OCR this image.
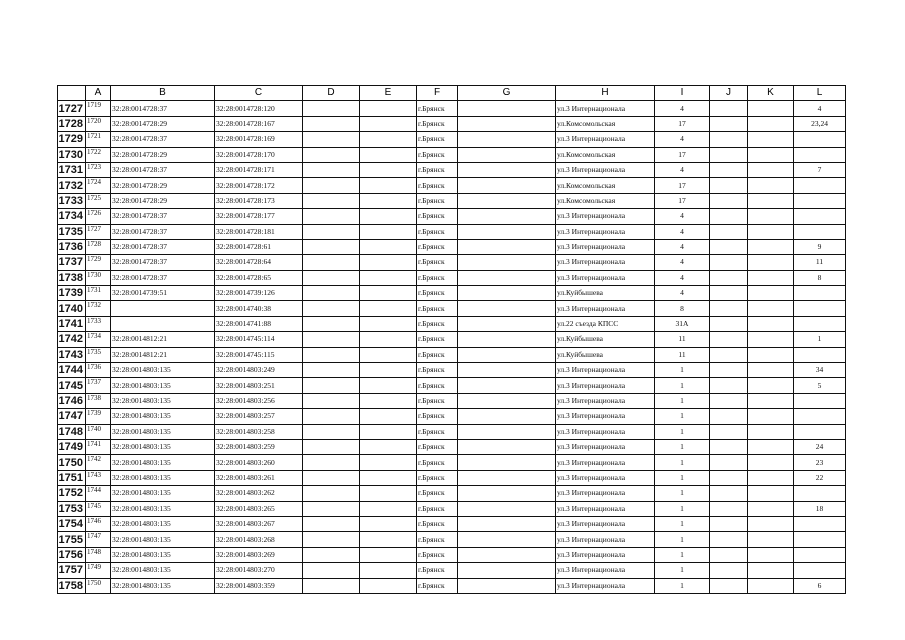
	A	B	C	D	E	F	G	H	I	J	K	L
1727	1719	32:28:0014728:37	32:28:0014728:120			г.Брянск		ул.3 Интернационала	4			4
1728	1720	32:28:0014728:29	32:28:0014728:167			г.Брянск		ул.Комсомольская	17			23,24
1729	1721	32:28:0014728:37	32:28:0014728:169			г.Брянск		ул.3 Интернационала	4			
1730	1722	32:28:0014728:29	32:28:0014728:170			г.Брянск		ул.Комсомольская	17			
1731	1723	32:28:0014728:37	32:28:0014728:171			г.Брянск		ул.3 Интернационала	4			7
1732	1724	32:28:0014728:29	32:28:0014728:172			г.Брянск		ул.Комсомольская	17			
1733	1725	32:28:0014728:29	32:28:0014728:173			г.Брянск		ул.Комсомольская	17			
1734	1726	32:28:0014728:37	32:28:0014728:177			г.Брянск		ул.3 Интернационала	4			
1735	1727	32:28:0014728:37	32:28:0014728:181			г.Брянск		ул.3 Интернационала	4			
1736	1728	32:28:0014728:37	32:28:0014728:61			г.Брянск		ул.3 Интернационала	4			9
1737	1729	32:28:0014728:37	32:28:0014728:64			г.Брянск		ул.3 Интернационала	4			11
1738	1730	32:28:0014728:37	32:28:0014728:65			г.Брянск		ул.3 Интернационала	4			8
1739	1731	32:28:0014739:51	32:28:0014739:126			г.Брянск		ул.Куйбышева	4			
1740	1732		32:28:0014740:38			г.Брянск		ул.3 Интернационала	8			
1741	1733		32:28:0014741:88			г.Брянск		ул.22 съезда КПСС	31А			
1742	1734	32:28:0014812:21	32:28:0014745:114			г.Брянск		ул.Куйбышева	11			1
1743	1735	32:28:0014812:21	32:28:0014745:115			г.Брянск		ул.Куйбышева	11			
1744	1736	32:28:0014803:135	32:28:0014803:249			г.Брянск		ул.3 Интернационала	1			34
1745	1737	32:28:0014803:135	32:28:0014803:251			г.Брянск		ул.3 Интернационала	1			5
1746	1738	32:28:0014803:135	32:28:0014803:256			г.Брянск		ул.3 Интернационала	1			
1747	1739	32:28:0014803:135	32:28:0014803:257			г.Брянск		ул.3 Интернационала	1			
1748	1740	32:28:0014803:135	32:28:0014803:258			г.Брянск		ул.3 Интернационала	1			
1749	1741	32:28:0014803:135	32:28:0014803:259			г.Брянск		ул.3 Интернационала	1			24
1750	1742	32:28:0014803:135	32:28:0014803:260			г.Брянск		ул.3 Интернационала	1			23
1751	1743	32:28:0014803:135	32:28:0014803:261			г.Брянск		ул.3 Интернационала	1			22
1752	1744	32:28:0014803:135	32:28:0014803:262			г.Брянск		ул.3 Интернационала	1			
1753	1745	32:28:0014803:135	32:28:0014803:265			г.Брянск		ул.3 Интернационала	1			18
1754	1746	32:28:0014803:135	32:28:0014803:267			г.Брянск		ул.3 Интернационала	1			
1755	1747	32:28:0014803:135	32:28:0014803:268			г.Брянск		ул.3 Интернационала	1			
1756	1748	32:28:0014803:135	32:28:0014803:269			г.Брянск		ул.3 Интернационала	1			
1757	1749	32:28:0014803:135	32:28:0014803:270			г.Брянск		ул.3 Интернационала	1			
1758	1750	32:28:0014803:135	32:28:0014803:359			г.Брянск		ул.3 Интернационала	1			6
